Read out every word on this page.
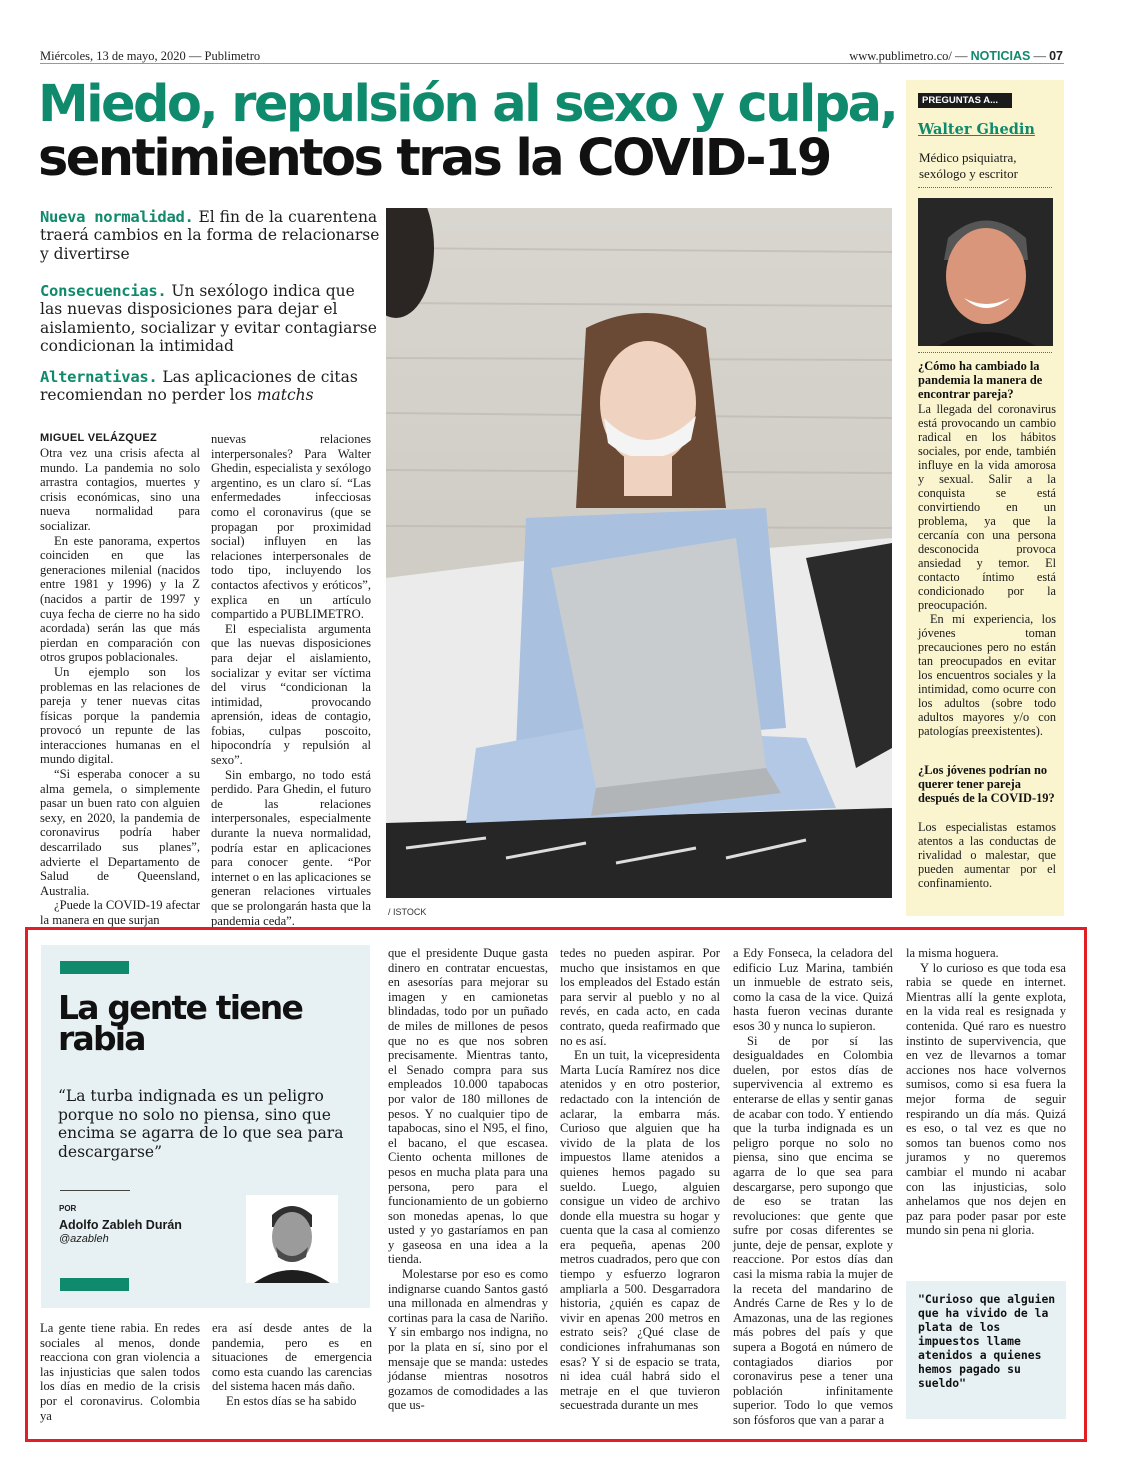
Miércoles, 13 de mayo, 2020 — Publimetro	www.publimetro.co/ — NOTICIAS — 07
Miedo, repulsión al sexo y culpa,
sentimientos tras la COVID-19
Nueva normalidad. El fin de la cuarentena traerá cambios en la forma de relacionarse y divertirse
Consecuencias. Un sexólogo indica que las nuevas disposiciones para dejar el aislamiento, socializar y evitar contagiarse condicionan la intimidad
Alternativas. Las aplicaciones de citas recomiendan no perder los matchs
MIGUEL VELÁZQUEZ

Otra vez una crisis afecta al mundo. La pandemia no solo arrastra contagios, muertes y crisis económicas, sino una nueva normalidad para socializar.

En este panorama, expertos coinciden en que las generaciones milenial (nacidos entre 1981 y 1996) y la Z (nacidos a partir de 1997 y cuya fecha de cierre no ha sido acordada) serán las que más pierdan en comparación con otros grupos poblacionales.

Un ejemplo son los problemas en las relaciones de pareja y tener nuevas citas físicas porque la pandemia provocó un repunte de las interacciones humanas en el mundo digital.

“Si esperaba conocer a su alma gemela, o simplemente pasar un buen rato con alguien sexy, en 2020, la pandemia de coronavirus podría haber descarrilado sus planes”, advierte el Departamento de Salud de Queensland, Australia.

¿Puede la COVID-19 afectar la manera en que surjan

nuevas relaciones interpersonales? Para Walter Ghedin, especialista y sexólogo argentino, es un claro sí. “Las enfermedades infecciosas como el coronavirus (que se propagan por proximidad social) influyen en las relaciones interpersonales de todo tipo, incluyendo los contactos afectivos y eróticos”, explica en un artículo compartido a PUBLIMETRO.

El especialista argumenta que las nuevas disposiciones para dejar el aislamiento, socializar y evitar ser víctima del virus “condicionan la intimidad, provocando aprensión, ideas de contagio, fobias, culpas poscoito, hipocondría y repulsión al sexo”.

Sin embargo, no todo está perdido. Para Ghedin, el futuro de las relaciones interpersonales, especialmente durante la nueva normalidad, podría estar en aplicaciones para conocer gente. “Por internet o en las aplicaciones se generan relaciones virtuales que se prolongarán hasta que la pandemia ceda”.

/ ISTOCK
PREGUNTAS A...
Walter Ghedin
Médico psiquiatra, sexólogo y escritor
¿Cómo ha cambiado la pandemia la manera de encontrar pareja?

La llegada del coronavirus está provocando un cambio radical en los hábitos sociales, por ende, también influye en la vida amorosa y sexual. Salir a la conquista se está convirtiendo en un problema, ya que la cercanía con una persona desconocida provoca ansiedad y temor. El contacto íntimo está condicionado por la preocupación.

En mi experiencia, los jóvenes toman precauciones pero no están tan preocupados en evitar los encuentros sociales y la intimidad, como ocurre con los adultos (sobre todo adultos mayores y/o con patologías preexistentes).

¿Los jóvenes podrían no querer tener pareja después de la COVID-19?
Los especialistas estamos atentos a las conductas de rivalidad o malestar, que pueden aumentar por el confinamiento.
La gente tiene rabia
“La turba indignada es un peligro porque no solo no piensa, sino que encima se agarra de lo que sea para descargarse”
POR
Adolfo Zableh Durán
@azableh

La gente tiene rabia. En redes sociales al menos, donde reacciona con gran violencia a las injusticias que salen todos los días en medio de la crisis por el coronavirus. Colombia ya

era así desde antes de la pandemia, pero es en situaciones de emergencia como esta cuando las carencias del sistema hacen más daño.

En estos días se ha sabido

que el presidente Duque gasta dinero en contratar encuestas, en asesorías para mejorar su imagen y en camionetas blindadas, todo por un puñado de miles de millones de pesos que no es que nos sobren precisamente. Mientras tanto, el Senado compra para sus empleados 10.000 tapabocas por valor de 180 millones de pesos. Y no cualquier tipo de tapabocas, sino el N95, el fino, el bacano, el que escasea. Ciento ochenta millones de pesos en mucha plata para una persona, pero para el funcionamiento de un gobierno son monedas apenas, lo que usted y yo gastaríamos en pan y gaseosa en una idea a la tienda.

Molestarse por eso es como indignarse cuando Santos gastó una millonada en almendras y cortinas para la casa de Nariño. Y sin embargo nos indigna, no por la plata en sí, sino por el mensaje que se manda: ustedes jódanse mientras nosotros gozamos de comodidades a las que us-

tedes no pueden aspirar. Por mucho que insistamos en que los empleados del Estado están para servir al pueblo y no al revés, en cada acto, en cada contrato, queda reafirmado que no es así.

En un tuit, la vicepresidenta Marta Lucía Ramírez nos dice atenidos y en otro posterior, redactado con la intención de aclarar, la embarra más. Curioso que alguien que ha vivido de la plata de los impuestos llame atenidos a quienes hemos pagado su sueldo. Luego, alguien consigue un video de archivo donde ella muestra su hogar y cuenta que la casa al comienzo era pequeña, apenas 200 metros cuadrados, pero que con tiempo y esfuerzo lograron ampliarla a 500. Desgarradora historia, ¿quién es capaz de vivir en apenas 200 metros en estrato seis? ¿Qué clase de condiciones infrahumanas son esas? Y si de espacio se trata, ni idea cuál habrá sido el metraje en el que tuvieron secuestrada durante un mes

a Edy Fonseca, la celadora del edificio Luz Marina, también un inmueble de estrato seis, como la casa de la vice. Quizá hasta fueron vecinas durante esos 30 y nunca lo supieron.

Si de por sí las desigualdades en Colombia duelen, por estos días de supervivencia al extremo es enterarse de ellas y sentir ganas de acabar con todo. Y entiendo que la turba indignada es un peligro porque no solo no piensa, sino que encima se agarra de lo que sea para descargarse, pero supongo que de eso se tratan las revoluciones: que gente que sufre por cosas diferentes se junte, deje de pensar, explote y reaccione. Por estos días dan casi la misma rabia la mujer de la receta del mandarino de Andrés Carne de Res y lo de Amazonas, una de las regiones más pobres del país y que supera a Bogotá en número de contagiados diarios por coronavirus pese a tener una población infinitamente superior. Todo lo que vemos son fósforos que van a parar a

la misma hoguera.

Y lo curioso es que toda esa rabia se quede en internet. Mientras allí la gente explota, en la vida real es resignada y contenida. Qué raro es nuestro instinto de supervivencia, que en vez de llevarnos a tomar acciones nos hace volvernos sumisos, como si esa fuera la mejor forma de seguir respirando un día más. Quizá es eso, o tal vez es que no somos tan buenos como nos juramos y no queremos cambiar el mundo ni acabar con las injusticias, solo anhelamos que nos dejen en paz para poder pasar por este mundo sin pena ni gloria.

"Curioso que alguien que ha vivido de la plata de los impuestos llame atenidos a quienes hemos pagado su sueldo"
